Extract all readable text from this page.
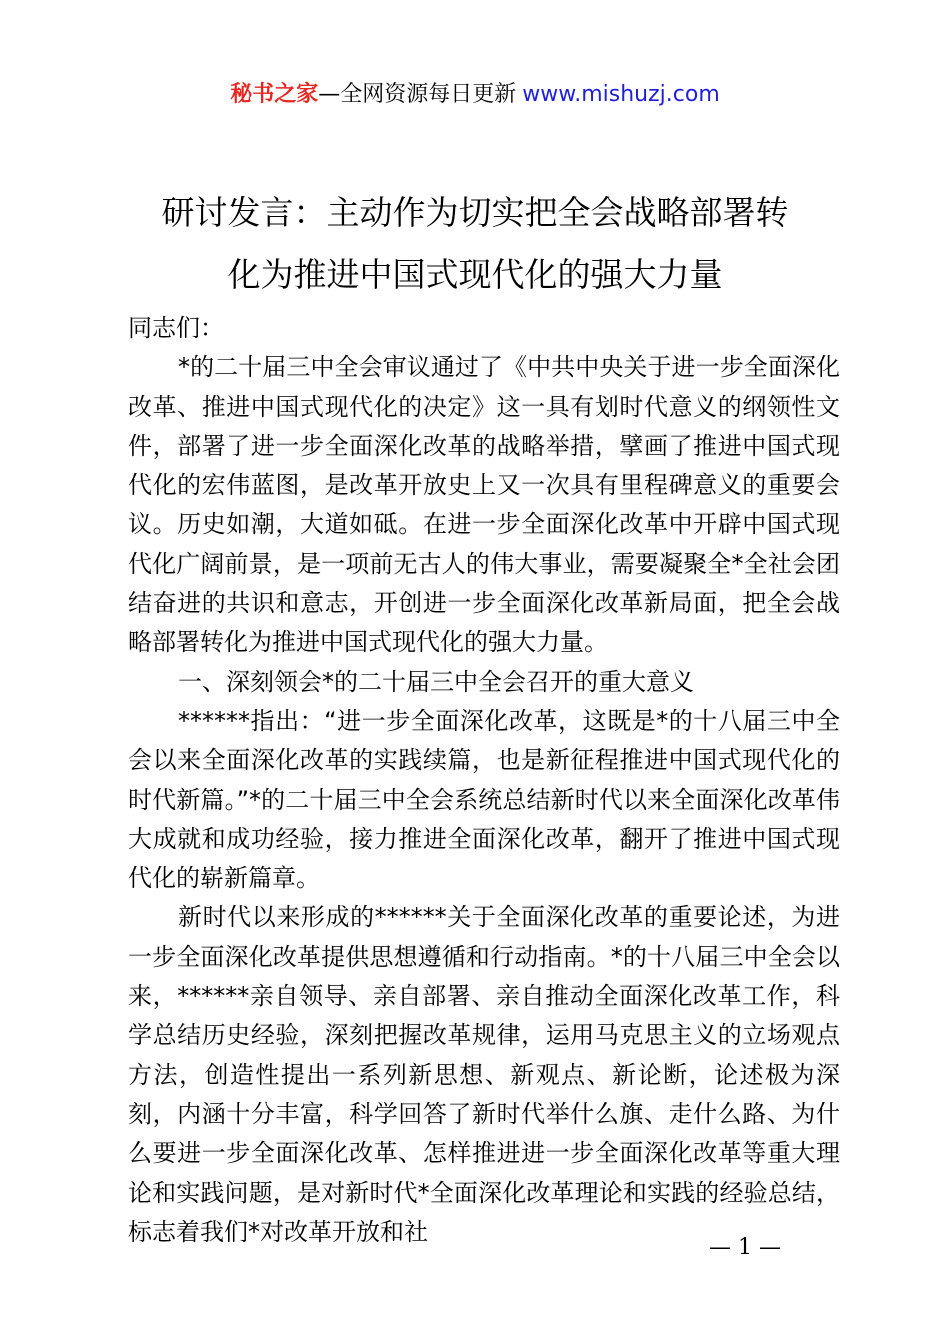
秘书之家—全网资源每日更新 www.mishuzj.com
研讨发言：主动作为切实把全会战略部署转
化为推进中国式现代化的强大力量

同志们：

*的二十届三中全会审议通过了《中共中央关于进一步全面深化改革、推进中国式现代化的决定》这一具有划时代意义的纲领性文件，部署了进一步全面深化改革的战略举措，擘画了推进中国式现代化的宏伟蓝图，是改革开放史上又一次具有里程碑意义的重要会议。历史如潮，大道如砥。在进一步全面深化改革中开辟中国式现代化广阔前景，是一项前无古人的伟大事业，需要凝聚全*全社会团结奋进的共识和意志，开创进一步全面深化改革新局面，把全会战略部署转化为推进中国式现代化的强大力量。

一、深刻领会*的二十届三中全会召开的重大意义

******指出：“进一步全面深化改革，这既是*的十八届三中全会以来全面深化改革的实践续篇，也是新征程推进中国式现代化的时代新篇。”*的二十届三中全会系统总结新时代以来全面深化改革伟大成就和成功经验，接力推进全面深化改革，翻开了推进中国式现代化的崭新篇章。

新时代以来形成的******关于全面深化改革的重要论述，为进一步全面深化改革提供思想遵循和行动指南。*的十八届三中全会以来，******亲自领导、亲自部署、亲自推动全面深化改革工作，科学总结历史经验，深刻把握改革规律，运用马克思主义的立场观点方法，创造性提出一系列新思想、新观点、新论断，论述极为深刻，内涵十分丰富，科学回答了新时代举什么旗、走什么路、为什么要进一步全面深化改革、怎样推进进一步全面深化改革等重大理论和实践问题，是对新时代*全面深化改革理论和实践的经验总结，标志着我们*对改革开放和社

— 1 —
